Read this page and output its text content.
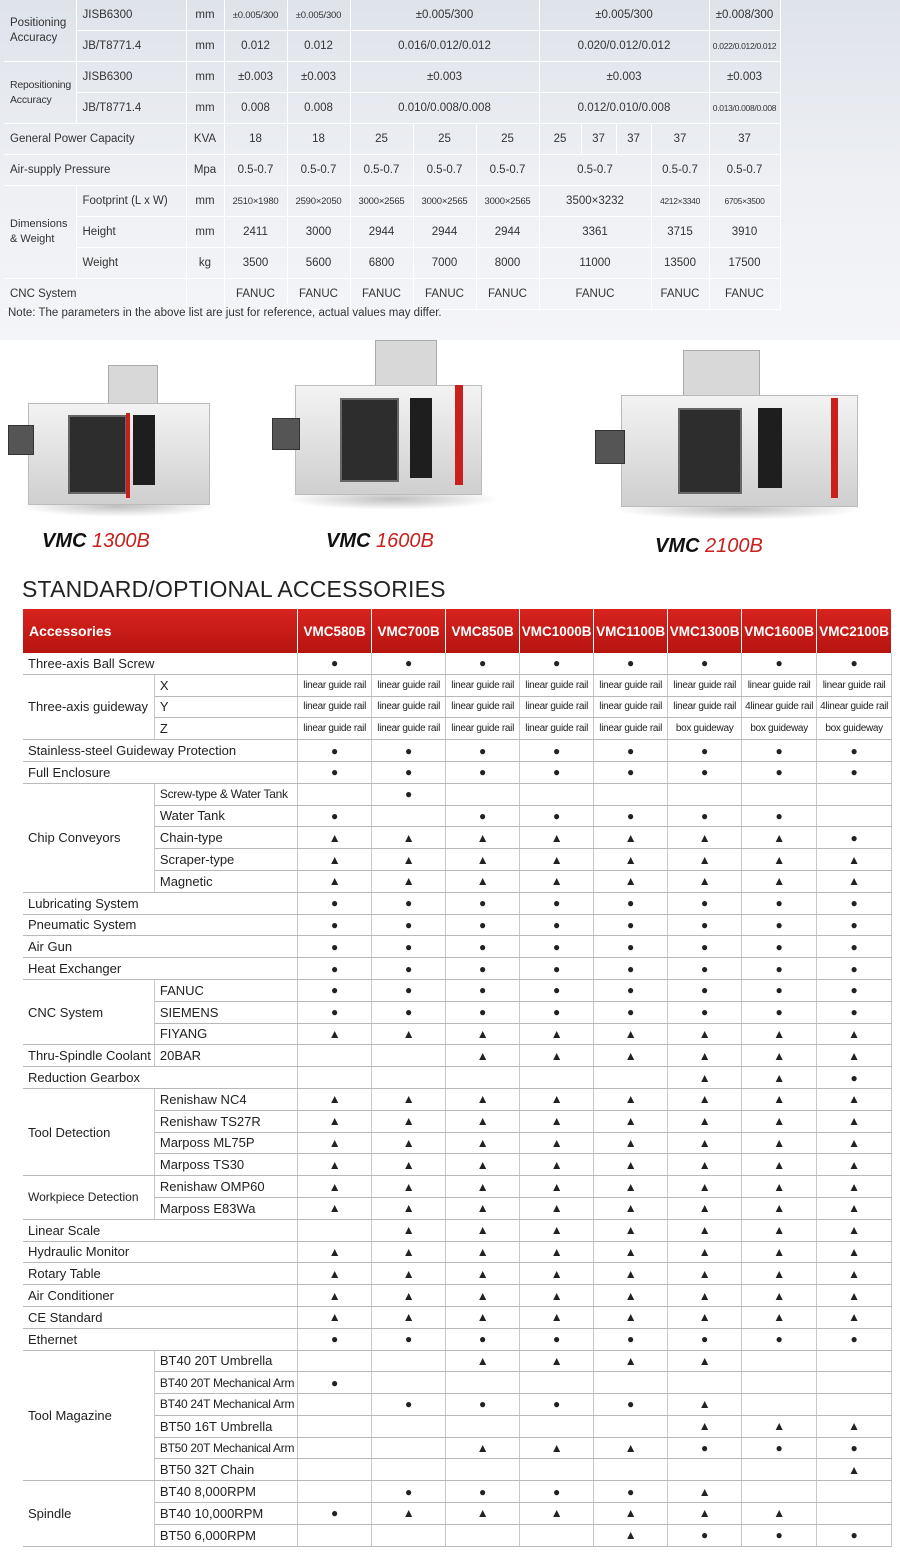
Positioning Accuracy	JISB6300	mm	±0.005/300	±0.005/300	±0.005/300			±0.005/300				±0.008/300
	JB/T8771.4	mm	0.012	0.012	0.016/0.012/0.012			0.020/0.012/0.012				0.022/0.012/0.012
Repositioning Accuracy	JISB6300	mm	±0.003	±0.003	±0.003			±0.003				±0.003
	JB/T8771.4	mm	0.008	0.008	0.010/0.008/0.008			0.012/0.010/0.008				0.013/0.008/0.008
General Power Capacity		KVA	18	18	25	25	25	25	37	37	37	37
Air-supply Pressure		Mpa	0.5-0.7	0.5-0.7	0.5-0.7	0.5-0.7	0.5-0.7	0.5-0.7			0.5-0.7	0.5-0.7
Dimensions & Weight	Footprint (L x W)	mm	2510×1980	2590×2050	3000×2565	3000×2565	3000×2565	3500×3232			4212×3340	6705×3500
	Height	mm	2411	3000	2944	2944	2944	3361			3715	3910
	Weight	kg	3500	5600	6800	7000	8000	11000			13500	17500
CNC System			FANUC	FANUC	FANUC	FANUC	FANUC	FANUC			FANUC	FANUC
Note: The parameters in the above list are just for reference, actual values may differ.
VMC 1300B	VMC 1600B	VMC 2100B
STANDARD/OPTIONAL ACCESSORIES
Accessories		VMC580B	VMC700B	VMC850B	VMC1000B	VMC1100B	VMC1300B	VMC1600B	VMC2100B
Three-axis Ball Screw		●	●	●	●	●	●	●	●
Three-axis guideway	X	linear guide rail	linear guide rail	linear guide rail	linear guide rail	linear guide rail	linear guide rail	linear guide rail	linear guide rail
	Y	linear guide rail	linear guide rail	linear guide rail	linear guide rail	linear guide rail	linear guide rail	4linear guide rail	4linear guide rail
	Z	linear guide rail	linear guide rail	linear guide rail	linear guide rail	linear guide rail	box guideway	box guideway	box guideway
Stainless-steel Guideway Protection		●	●	●	●	●	●	●	●
Full Enclosure		●	●	●	●	●	●	●	●
Chip Conveyors	Screw-type & Water Tank		●						
	Water Tank	●		●	●	●	●	●	
	Chain-type	▲	▲	▲	▲	▲	▲	▲	●
	Scraper-type	▲	▲	▲	▲	▲	▲	▲	▲
	Magnetic	▲	▲	▲	▲	▲	▲	▲	▲
Lubricating System		●	●	●	●	●	●	●	●
Pneumatic System		●	●	●	●	●	●	●	●
Air Gun		●	●	●	●	●	●	●	●
Heat Exchanger		●	●	●	●	●	●	●	●
CNC System	FANUC	●	●	●	●	●	●	●	●
	SIEMENS	●	●	●	●	●	●	●	●
	FIYANG	▲	▲	▲	▲	▲	▲	▲	▲
Thru-Spindle Coolant	20BAR			▲	▲	▲	▲	▲	▲
Reduction Gearbox							▲	▲	●
Tool Detection	Renishaw NC4	▲	▲	▲	▲	▲	▲	▲	▲
	Renishaw TS27R	▲	▲	▲	▲	▲	▲	▲	▲
	Marposs ML75P	▲	▲	▲	▲	▲	▲	▲	▲
	Marposs TS30	▲	▲	▲	▲	▲	▲	▲	▲
Workpiece Detection	Renishaw OMP60	▲	▲	▲	▲	▲	▲	▲	▲
	Marposs E83Wa	▲	▲	▲	▲	▲	▲	▲	▲
Linear Scale			▲	▲	▲	▲	▲	▲	▲
Hydraulic Monitor		▲	▲	▲	▲	▲	▲	▲	▲
Rotary Table		▲	▲	▲	▲	▲	▲	▲	▲
Air Conditioner		▲	▲	▲	▲	▲	▲	▲	▲
CE Standard		▲	▲	▲	▲	▲	▲	▲	▲
Ethernet		●	●	●	●	●	●	●	●
Tool Magazine	BT40 20T Umbrella			▲	▲	▲	▲		
	BT40 20T Mechanical Arm	●							
	BT40 24T Mechanical Arm		●	●	●	●	▲		
	BT50 16T Umbrella						▲	▲	▲
	BT50 20T Mechanical Arm			▲	▲	▲	●	●	●
	BT50 32T Chain								▲
Spindle	BT40 8,000RPM		●	●	●	●	▲		
	BT40 10,000RPM	●	▲	▲	▲	▲	▲	▲	
	BT50 6,000RPM					▲	●	●	●
